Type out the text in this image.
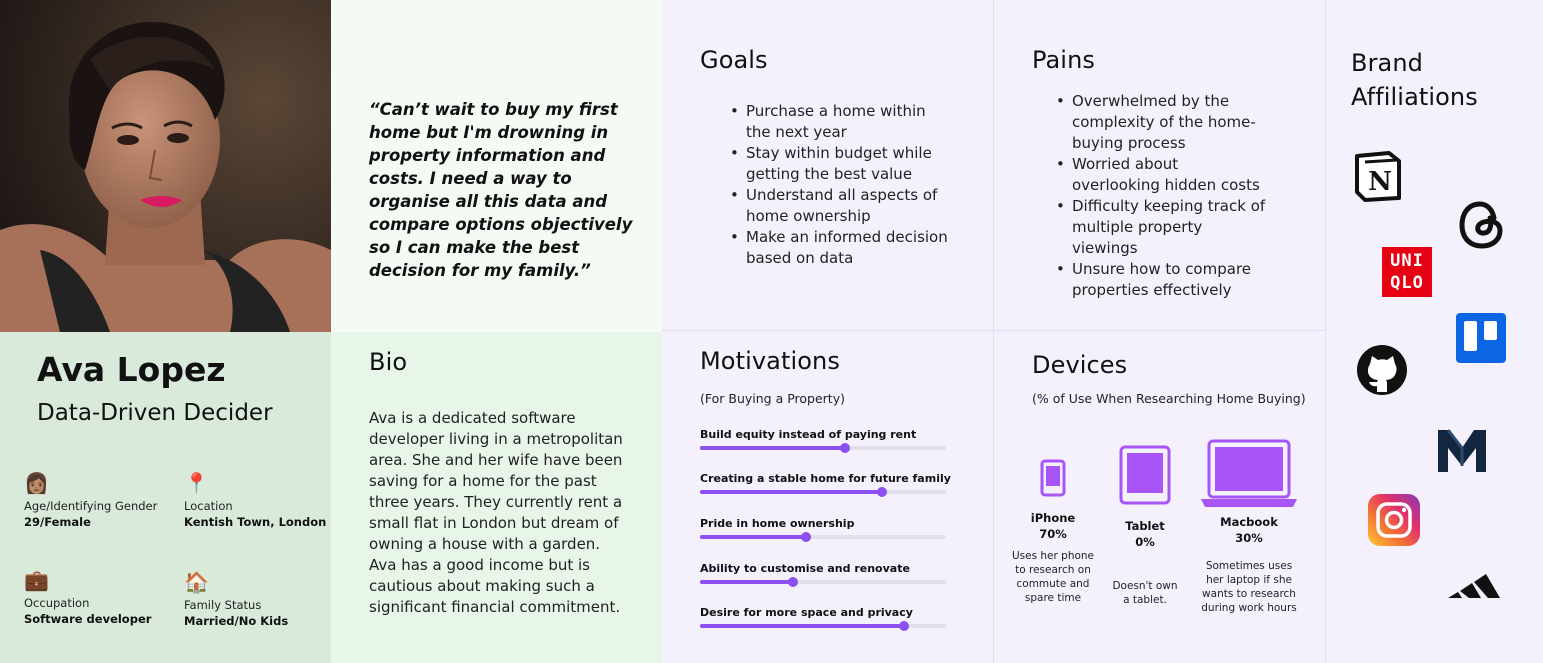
“Can’t wait to buy my first home but I'm drowning in property information and costs. I need a way to organise all this data and compare options objectively so I can make the best decision for my family.”

Goals
• Purchase a home within the next year
• Stay within budget while getting the best value
• Understand all aspects of home ownership
• Make an informed decision based on data
Pains
• Overwhelmed by the complexity of the home-buying process
• Worried about overlooking hidden costs
• Difficulty keeping track of multiple property viewings
• Unsure how to compare properties effectively
Brand
Affiliations
N
UNI
QLO
Ava Lopez
Data-Driven Decider
👩🏽
Age/Identifying Gender
29/Female
📍
Location
Kentish Town, London
💼
Occupation
Software developer
🏠
Family Status
Married/No Kids
Bio
Ava is a dedicated software developer living in a metropolitan area. She and her wife have been saving for a home for the past three years. They currently rent a small flat in London but dream of owning a house with a garden. Ava has a good income but is cautious about making such a significant financial commitment.
Motivations
(For Buying a Property)
Build equity instead of paying rent
Creating a stable home for future family
Pride in home ownership
Ability to customise and renovate
Desire for more space and privacy
Devices
(% of Use When Researching Home Buying)
iPhone
70%
Uses her phone to research on commute and spare time
Tablet
0%
Doesn't own a tablet.
Macbook
30%
Sometimes uses her laptop if she wants to research during work hours
